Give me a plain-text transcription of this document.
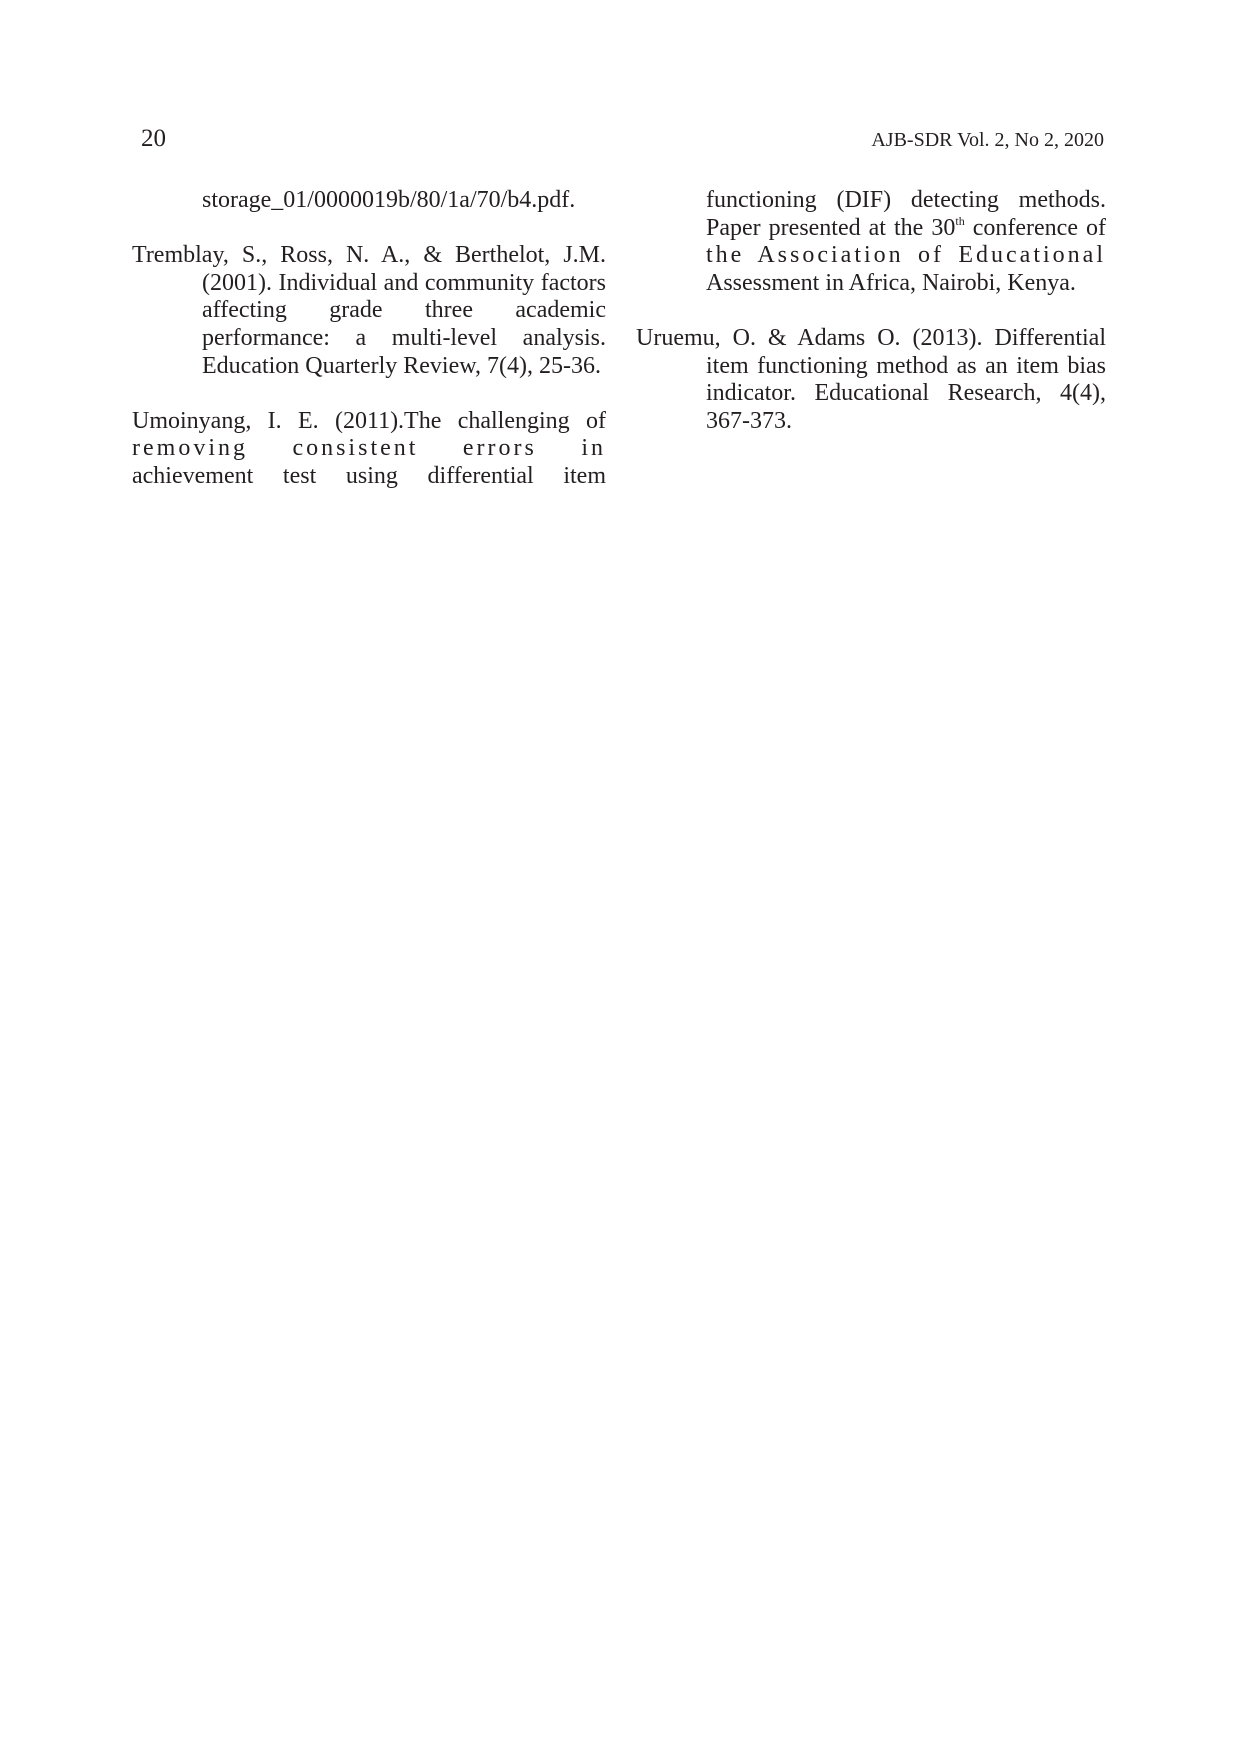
20	AJB-SDR Vol. 2, No 2, 2020

storage_01/0000019b/80/1a/70/b4.pdf.

Tremblay, S., Ross, N. A., & Berthelot, J.M. (2001). Individual and community factors affecting grade three academic performance: a multi-level analysis. Education Quarterly Review, 7(4), 25-36.

Umoinyang, I. E. (2011).The challenging of
removing consistent errors in
achievement test using differential item

functioning (DIF) detecting methods.
Paper presented at the 30th conference of
the Association of Educational
Assessment in Africa, Nairobi, Kenya.

Uruemu, O. & Adams O. (2013). Differential item functioning method as an item bias indicator. Educational Research, 4(4), 367-373.
